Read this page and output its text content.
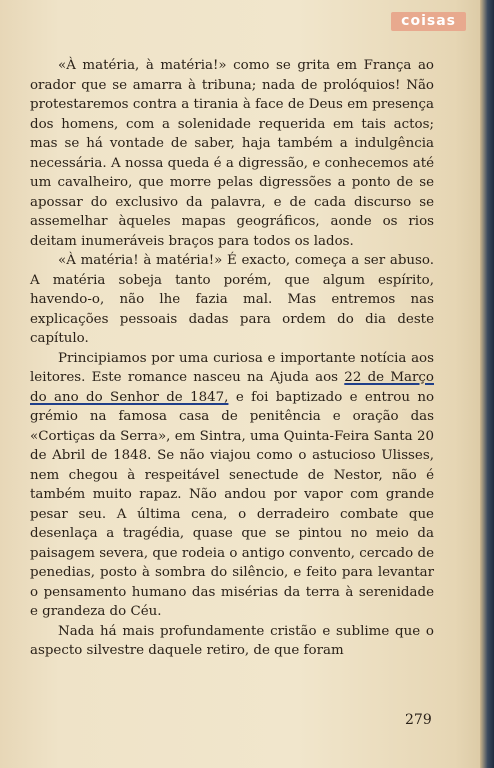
coisas

«À matéria, à matéria!» como se grita em França ao orador que se amarra à tribuna; nada de prolóquios! Não protestaremos contra a tirania à face de Deus em presença dos homens, com a solenidade requerida em tais actos; mas se há vontade de saber, haja também a indulgência necessária. A nossa queda é a digressão, e conhecemos até um cavalheiro, que morre pelas digressões a ponto de se apossar do exclusivo da palavra, e de cada discurso se assemelhar àqueles mapas geográficos, aonde os rios deitam inumeráveis braços para todos os lados.

«À matéria! à matéria!» É exacto, começa a ser abuso. A matéria sobeja tanto porém, que algum espírito, havendo-o, não lhe fazia mal. Mas entremos nas explicações pessoais dadas para ordem do dia deste capítulo.

Principiamos por uma curiosa e importante notícia aos leitores. Este romance nasceu na Ajuda aos 22 de Março do ano do Senhor de 1847, e foi baptizado e entrou no grémio na famosa casa de penitência e oração das «Cortiças da Serra», em Sintra, uma Quinta-Feira Santa 20 de Abril de 1848. Se não viajou como o astucioso Ulisses, nem chegou à respeitável senectude de Nestor, não é também muito rapaz. Não andou por vapor com grande pesar seu. A última cena, o derradeiro combate que desenlaça a tragédia, quase que se pintou no meio da paisagem severa, que rodeia o antigo convento, cercado de penedias, posto à sombra do silêncio, e feito para levantar o pensamento humano das misérias da terra à serenidade e grandeza do Céu.

Nada há mais profundamente cristão e sublime que o aspecto silvestre daquele retiro, de que foram

279
